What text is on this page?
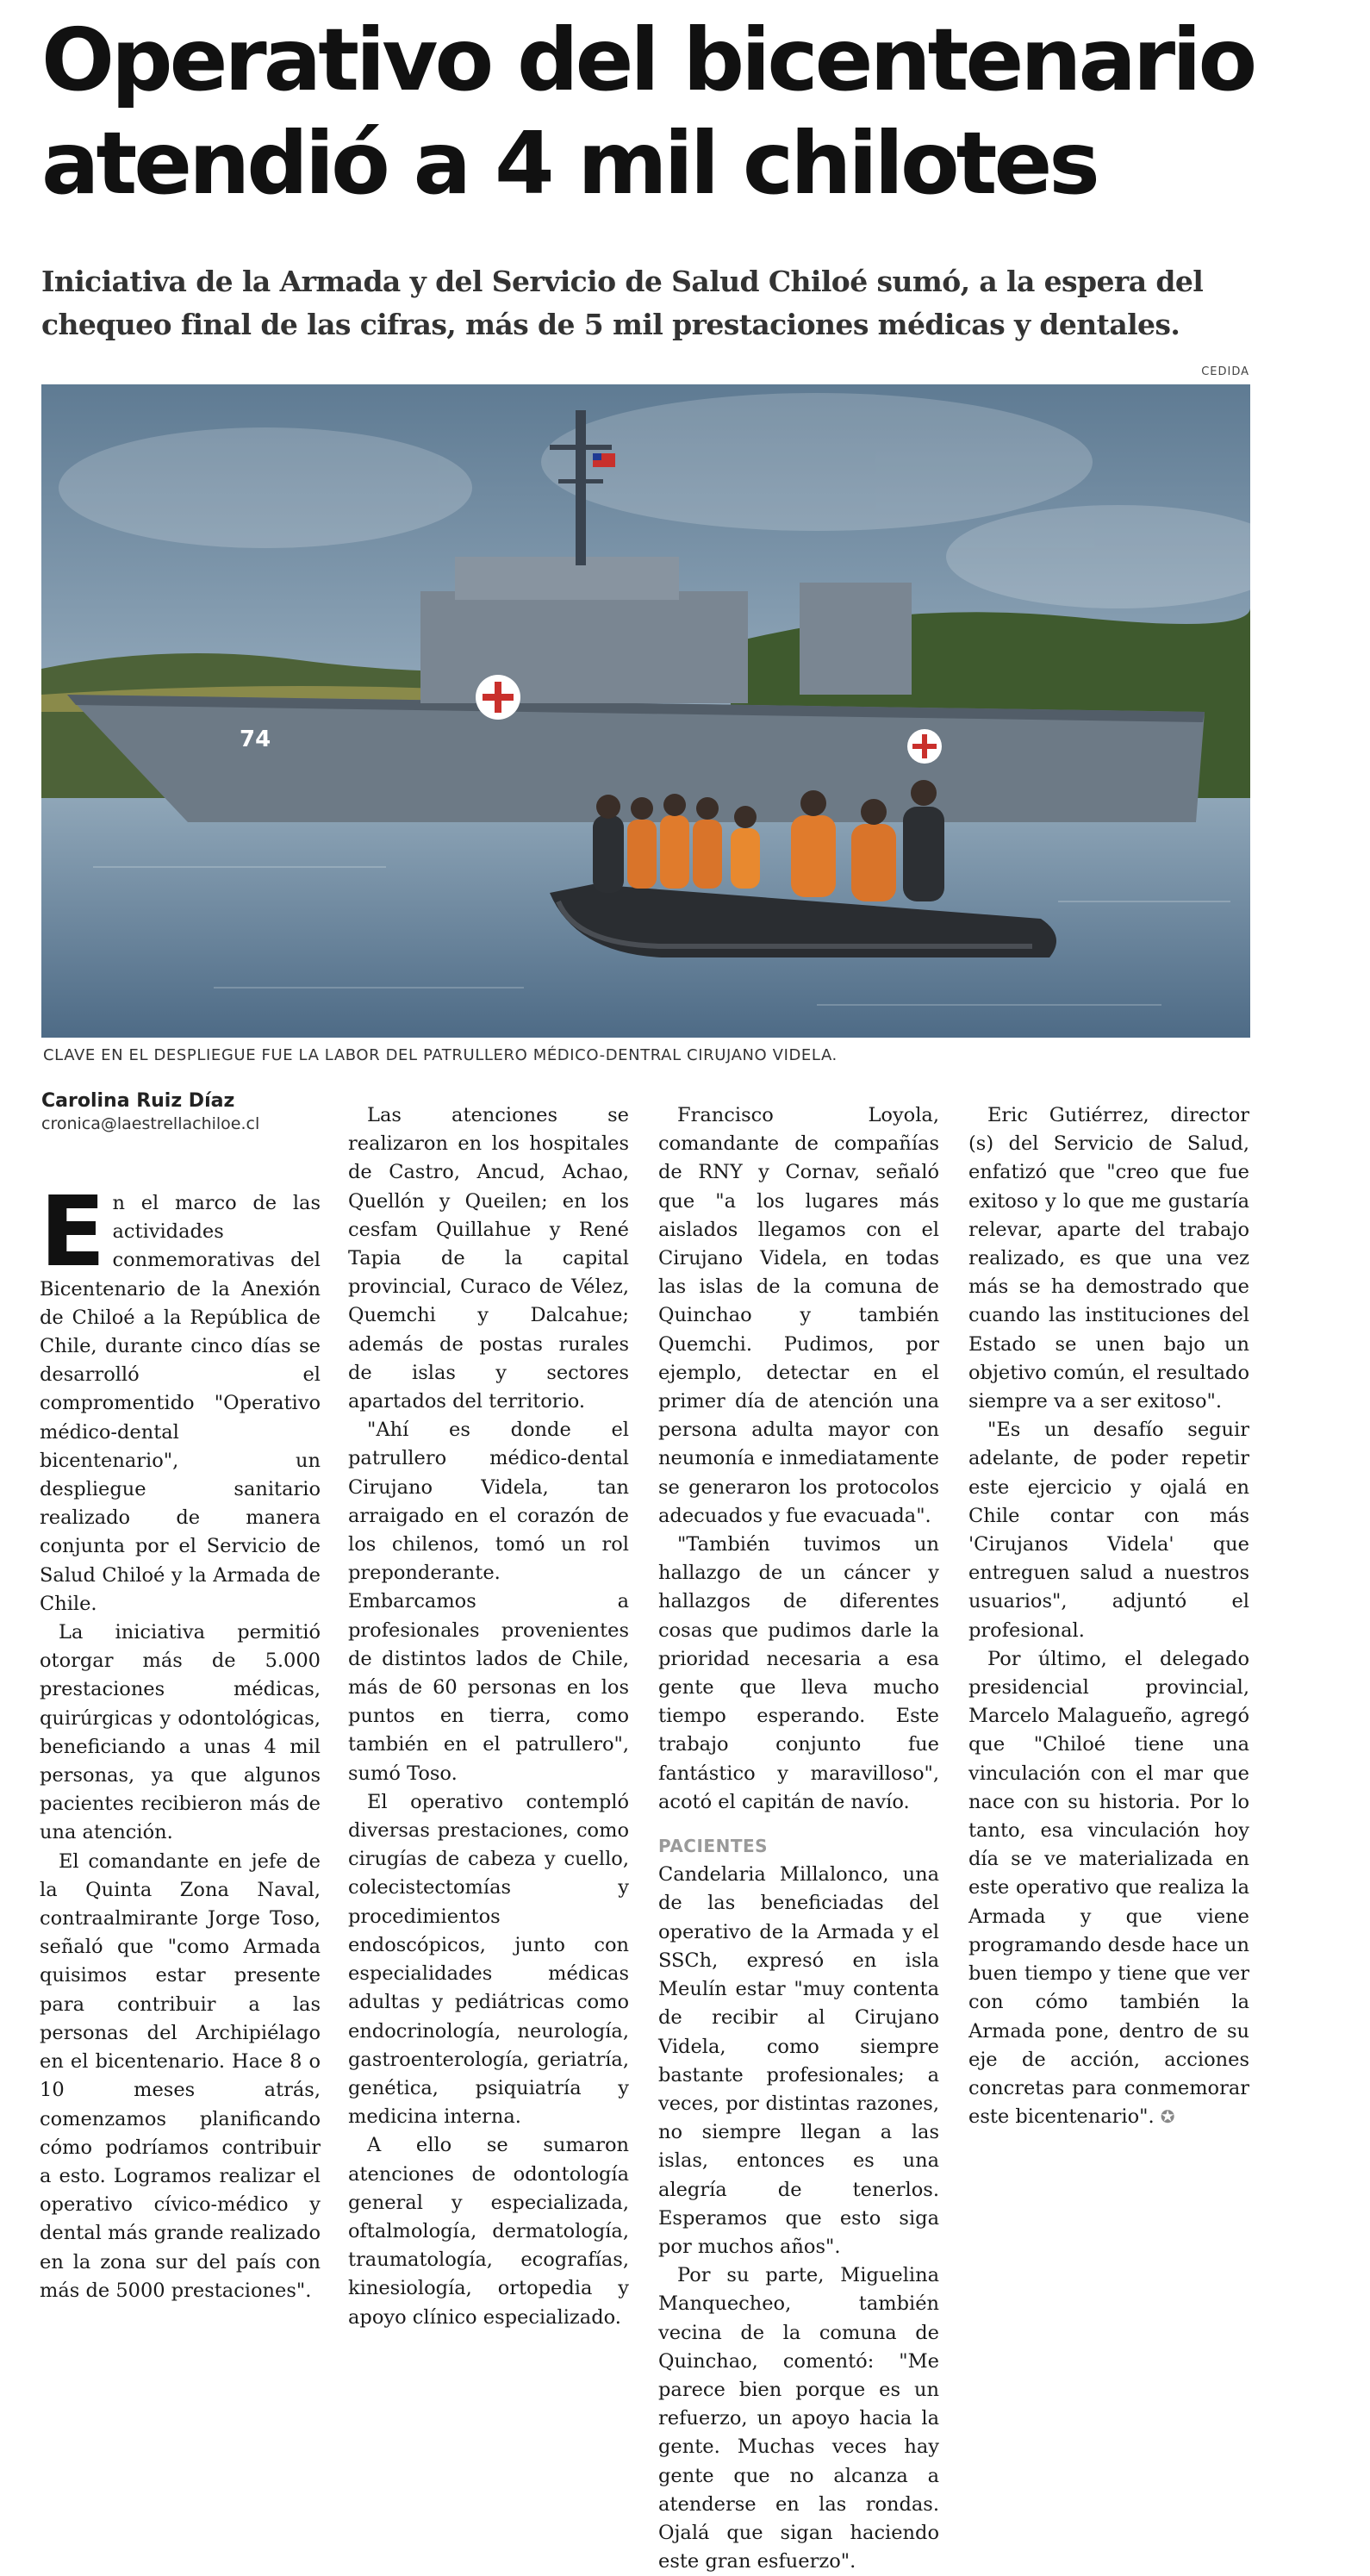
Operativo del bicentenario
atendió a 4 mil chilotes
Iniciativa de la Armada y del Servicio de Salud Chiloé sumó, a la espera del
chequeo final de las cifras, más de 5 mil prestaciones médicas y dentales.
CEDIDA
74
CLAVE EN EL DESPLIEGUE FUE LA LABOR DEL PATRULLERO MÉDICO-DENTRAL CIRUJANO VIDELA.
Carolina Ruiz Díaz
cronica@laestrellachiloe.cl

En el marco de las actividades conmemorativas del Bicentenario de la Anexión de Chiloé a la República de Chile, durante cinco días se desarrolló el compromentido "Operativo médico-dental bicentenario", un despliegue sanitario realizado de manera conjunta por el Servicio de Salud Chiloé y la Armada de Chile.

La iniciativa permitió otorgar más de 5.000 prestaciones médicas, quirúrgicas y odontológicas, beneficiando a unas 4 mil personas, ya que algunos pacientes recibieron más de una atención.

El comandante en jefe de la Quinta Zona Naval, contraalmirante Jorge Toso, señaló que "como Armada quisimos estar presente para contribuir a las personas del Archipiélago en el bicentenario. Hace 8 o 10 meses atrás, comenzamos planificando cómo podríamos contribuir a esto. Logramos realizar el operativo cívico-médico y dental más grande realizado en la zona sur del país con más de 5000 prestaciones".

Las atenciones se realizaron en los hospitales de Castro, Ancud, Achao, Quellón y Queilen; en los cesfam Quillahue y René Tapia de la capital provincial, Curaco de Vélez, Quemchi y Dalcahue; además de postas rurales de islas y sectores apartados del territorio.

"Ahí es donde el patrullero médico-dental Cirujano Videla, tan arraigado en el corazón de los chilenos, tomó un rol preponderante. Embarcamos a profesionales provenientes de distintos lados de Chile, más de 60 personas en los puntos en tierra, como también en el patrullero", sumó Toso.

El operativo contempló diversas prestaciones, como cirugías de cabeza y cuello, colecistectomías y procedimientos endoscópicos, junto con especialidades médicas adultas y pediátricas como endocrinología, neurología, gastroenterología, geriatría, genética, psiquiatría y medicina interna.

A ello se sumaron atenciones de odontología general y especializada, oftalmología, dermatología, traumatología, ecografías, kinesiología, ortopedia y apoyo clínico especializado.

Francisco Loyola, comandante de compañías de RNY y Cornav, señaló que "a los lugares más aislados llegamos con el Cirujano Videla, en todas las islas de la comuna de Quinchao y también Quemchi. Pudimos, por ejemplo, detectar en el primer día de atención una persona adulta mayor con neumonía e inmediatamente se generaron los protocolos adecuados y fue evacuada".

"También tuvimos un hallazgo de un cáncer y hallazgos de diferentes cosas que pudimos darle la prioridad necesaria a esa gente que lleva mucho tiempo esperando. Este trabajo conjunto fue fantástico y maravilloso", acotó el capitán de navío.

PACIENTES

Candelaria Millalonco, una de las beneficiadas del operativo de la Armada y el SSCh, expresó en isla Meulín estar "muy contenta de recibir al Cirujano Videla, como siempre bastante profesionales; a veces, por distintas razones, no siempre llegan a las islas, entonces es una alegría de tenerlos. Esperamos que esto siga por muchos años".

Por su parte, Miguelina Manquecheo, también vecina de la comuna de Quinchao, comentó: "Me parece bien porque es un refuerzo, un apoyo hacia la gente. Muchas veces hay gente que no alcanza a atenderse en las rondas. Ojalá que sigan haciendo este gran esfuerzo".

Eric Gutiérrez, director (s) del Servicio de Salud, enfatizó que "creo que fue exitoso y lo que me gustaría relevar, aparte del trabajo realizado, es que una vez más se ha demostrado que cuando las instituciones del Estado se unen bajo un objetivo común, el resultado siempre va a ser exitoso".

"Es un desafío seguir adelante, de poder repetir este ejercicio y ojalá en Chile contar con más 'Cirujanos Videla' que entreguen salud a nuestros usuarios", adjuntó el profesional.

Por último, el delegado presidencial provincial, Marcelo Malagueño, agregó que "Chiloé tiene una vinculación con el mar que nace con su historia. Por lo tanto, esa vinculación hoy día se ve materializada en este operativo que realiza la Armada y que viene programando desde hace un buen tiempo y tiene que ver con cómo también la Armada pone, dentro de su eje de acción, acciones concretas para conmemorar este bicentenario". ✪
